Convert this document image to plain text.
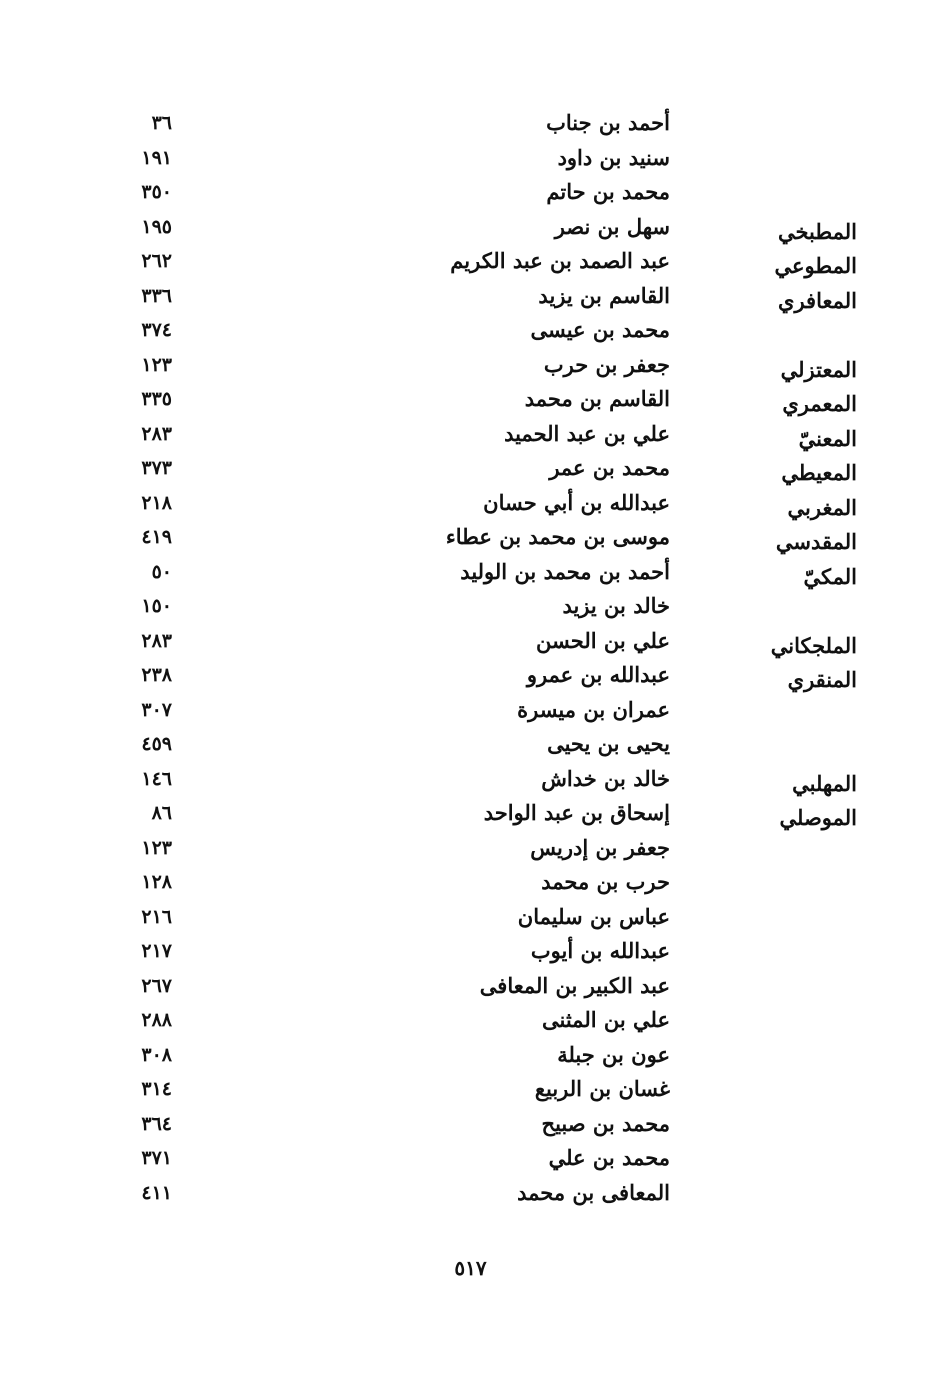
أحمد بن جناب
٣٦
سنيد بن داود
١٩١
محمد بن حاتم
٣٥٠
المطبخي
سهل بن نصر
١٩٥
المطوعي
عبد الصمد بن عبد الكريم
٢٦٢
المعافري
القاسم بن يزيد
٣٣٦
محمد بن عيسى
٣٧٤
المعتزلي
جعفر بن حرب
١٢٣
المعمري
القاسم بن محمد
٣٣٥
المعنيّ
علي بن عبد الحميد
٢٨٣
المعيطي
محمد بن عمر
٣٧٣
المغربي
عبدالله بن أبي حسان
٢١٨
المقدسي
موسى بن محمد بن عطاء
٤١٩
المكيّ
أحمد بن محمد بن الوليد
٥٠
خالد بن يزيد
١٥٠
الملجكاني
علي بن الحسن
٢٨٣
المنقري
عبدالله بن عمرو
٢٣٨
عمران بن ميسرة
٣٠٧
يحيى بن يحيى
٤٥٩
المهلبي
خالد بن خداش
١٤٦
الموصلي
إسحاق بن عبد الواحد
٨٦
جعفر بن إدريس
١٢٣
حرب بن محمد
١٢٨
عباس بن سليمان
٢١٦
عبدالله بن أيوب
٢١٧
عبد الكبير بن المعافى
٢٦٧
علي بن المثنى
٢٨٨
عون بن جبلة
٣٠٨
غسان بن الربيع
٣١٤
محمد بن صبيح
٣٦٤
محمد بن علي
٣٧١
المعافى بن محمد
٤١١
٥١٧
